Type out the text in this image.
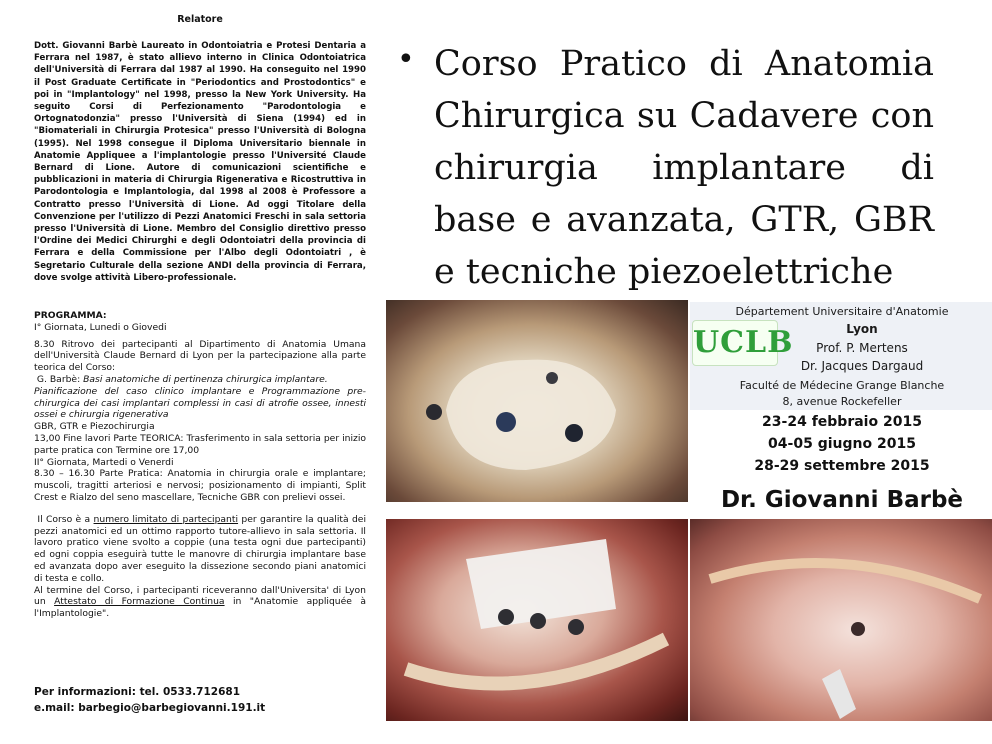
Relatore
Dott. Giovanni Barbè Laureato in Odontoiatria e Protesi Dentaria a Ferrara nel 1987, è stato allievo interno in Clinica Odontoiatrica dell'Università di Ferrara dal 1987 al 1990. Ha conseguito nel 1990 il Post Graduate Certificate in "Periodontics and Prostodontics" e poi in "Implantology" nel 1998, presso la New York University. Ha seguito Corsi di Perfezionamento "Parodontologia e Ortognatodonzia" presso l'Università di Siena (1994) ed in "Biomateriali in Chirurgia Protesica" presso l'Università di Bologna (1995). Nel 1998 consegue il Diploma Universitario biennale in Anatomie Appliquee a l'implantologie presso l'Université Claude Bernard di Lione. Autore di comunicazioni scientifiche e pubblicazioni in materia di Chirurgia Rigenerativa e Ricostruttiva in Parodontologia e Implantologia, dal 1998 al 2008 è Professore a Contratto presso l'Università di Lione. Ad oggi Titolare della Convenzione per l'utilizzo di Pezzi Anatomici Freschi in sala settoria presso l'Università di Lione. Membro del Consiglio direttivo presso l'Ordine dei Medici Chirurghi e degli Odontoiatri della provincia di Ferrara e della Commissione per l'Albo degli Odontoiatri , è Segretario Culturale della sezione ANDI della provincia di Ferrara, dove svolge attività Libero-professionale.

PROGRAMMA:

I° Giornata, Lunedi o Giovedi

8.30 Ritrovo dei partecipanti al Dipartimento di Anatomia Umana dell'Università Claude Bernard di Lyon per la partecipazione alla parte teorica del Corso:

G. Barbè: Basi anatomiche di pertinenza chirurgica implantare.

Pianificazione del caso clinico implantare e Programmazione pre-chirurgica dei casi implantari complessi in casi di atrofie ossee, innesti ossei e chirurgia rigenerativa

GBR, GTR e Piezochirurgia

13,00 Fine lavori Parte TEORICA: Trasferimento in sala settoria per inizio parte pratica con Termine ore 17,00

II° Giornata, Martedi o Venerdi

8.30 – 16.30 Parte Pratica: Anatomia in chirurgia orale e implantare; muscoli, tragitti arteriosi e nervosi; posizionamento di impianti, Split Crest e Rialzo del seno mascellare, Tecniche GBR con prelievi ossei.

Il Corso è a numero limitato di partecipanti per garantire la qualità dei pezzi anatomici ed un ottimo rapporto tutore-allievo in sala settoria. Il lavoro pratico viene svolto a coppie (una testa ogni due partecipanti) ed ogni coppia eseguirà tutte le manovre di chirurgia implantare base ed avanzata dopo aver eseguito la dissezione secondo piani anatomici di testa e collo.

Al termine del Corso, i partecipanti riceveranno dall'Universita' di Lyon un Attestato di Formazione Continua in "Anatomie appliquée à l'Implantologie".

Per informazioni: tel. 0533.712681
e.mail: barbegio@barbegiovanni.191.it
• Corso Pratico di Anatomia Chirurgica su Cadavere con chirurgia implantare di base e avanzata, GTR, GBR e tecniche piezoelettriche
UCLB
Département Universitaire d'Anatomie
Lyon
Prof. P. Mertens
Dr. Jacques Dargaud
Faculté de Médecine Grange Blanche
8, avenue Rockefeller
23-24 febbraio 2015
04-05 giugno 2015
28-29 settembre 2015
Dr. Giovanni Barbè
